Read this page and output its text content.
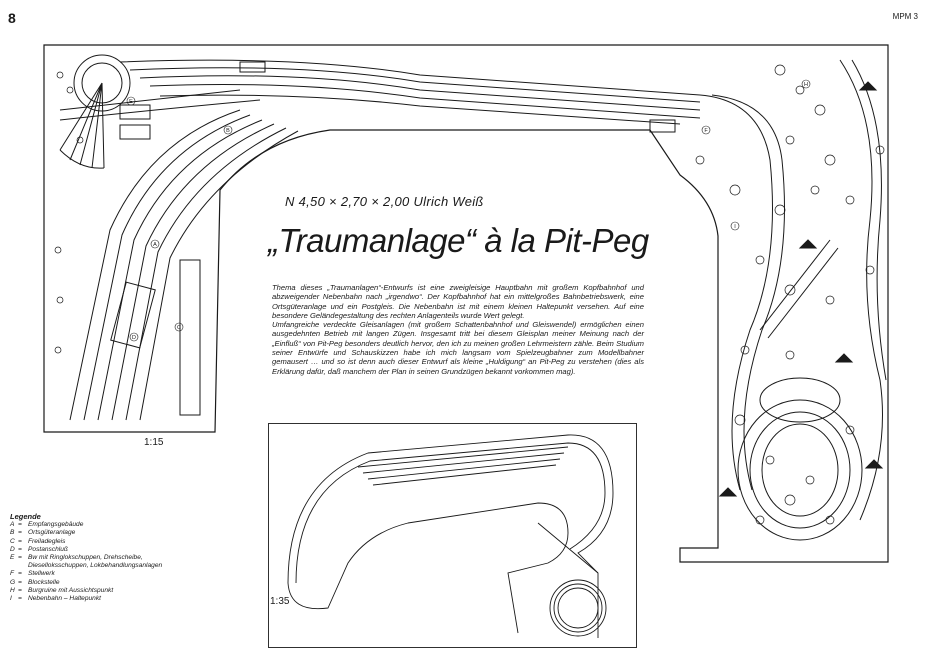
8	MPM 3
E
B
A
C
D
F
H
I
N 4,50 × 2,70 × 2,00 Ulrich Weiß
„Traumanlage“ à la Pit-Peg

Thema dieses „Traumanlagen“-Entwurfs ist eine zweigleisige Hauptbahn mit großem Kopfbahnhof und abzweigender Nebenbahn nach „irgendwo“. Der Kopfbahnhof hat ein mittelgroßes Bahnbetriebswerk, eine Ortsgüteranlage und ein Postgleis. Die Nebenbahn ist mit einem kleinen Haltepunkt versehen. Auf eine besondere Geländegestaltung des rechten Anlagenteils wurde Wert gelegt.

Umfangreiche verdeckte Gleisanlagen (mit großem Schattenbahnhof und Gleiswendel) ermöglichen einen ausgedehnten Betrieb mit langen Zügen. Insgesamt tritt bei diesem Gleisplan meiner Meinung nach der „Einfluß“ von Pit-Peg besonders deutlich hervor, den ich zu meinen großen Lehrmeistern zähle. Beim Studium seiner Entwürfe und Schauskizzen habe ich mich langsam vom Spielzeugbahner zum Modellbahner gemausert … und so ist denn auch dieser Entwurf als kleine „Huldigung“ an Pit-Peg zu verstehen (dies als Erklärung dafür, daß manchem der Plan in seinen Grundzügen bekannt vorkommen mag).

1:15
1:35
Legende
A = Empfangsgebäude
B = Ortsgüteranlage
C = Freiladegleis
D = Postanschluß
E = Bw mit Ringlokschuppen, Drehscheibe,
Dieselloksschuppen, Lokbehandlungsanlagen
F = Stellwerk
G = Blockstelle
H = Burgruine mit Aussichtspunkt
I = Nebenbahn – Haltepunkt
